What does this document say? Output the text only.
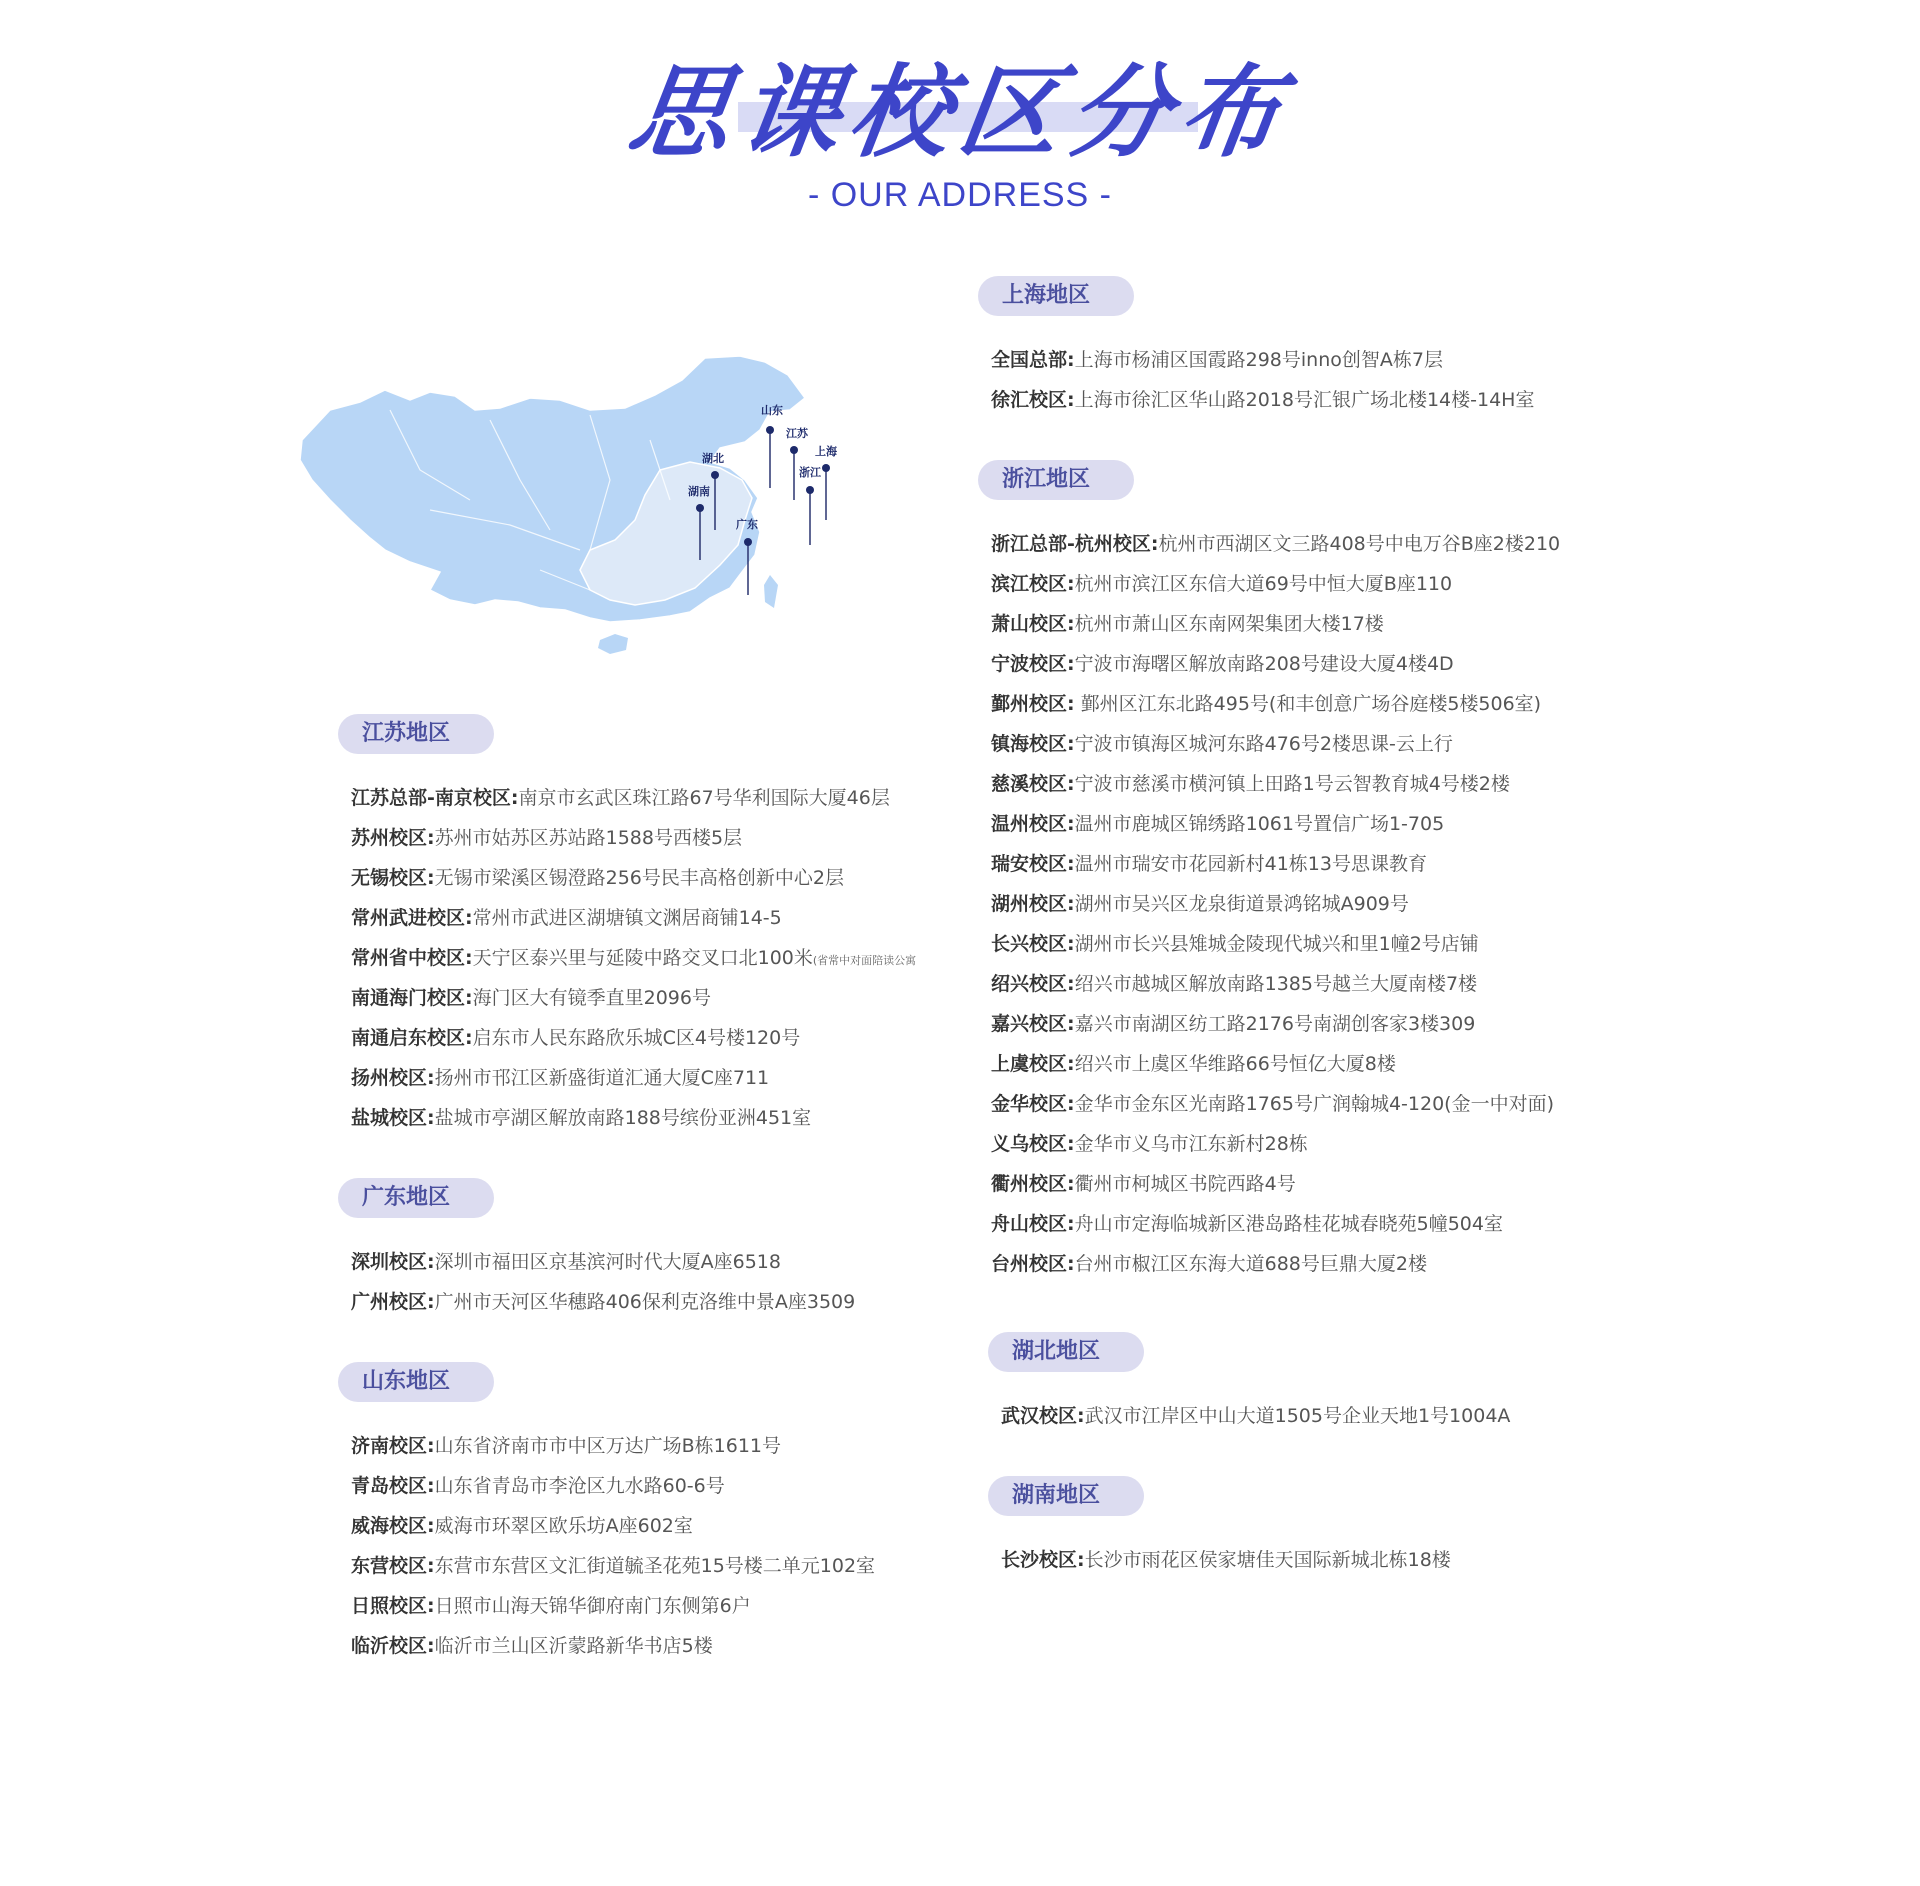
思课校区分布
- OUR ADDRESS -
山东
江苏
上海
湖北
浙江
湖南
广东
上海地区
全国总部:上海市杨浦区国霞路298号inno创智A栋7层
徐汇校区:上海市徐汇区华山路2018号汇银广场北楼14楼-14H室
浙江地区
浙江总部-杭州校区:杭州市西湖区文三路408号中电万谷B座2楼210
滨江校区:杭州市滨江区东信大道69号中恒大厦B座110
萧山校区:杭州市萧山区东南网架集团大楼17楼
宁波校区:宁波市海曙区解放南路208号建设大厦4楼4D
鄞州校区: 鄞州区江东北路495号(和丰创意广场谷庭楼5楼506室)
镇海校区:宁波市镇海区城河东路476号2楼思课-云上行
慈溪校区:宁波市慈溪市横河镇上田路1号云智教育城4号楼2楼
温州校区:温州市鹿城区锦绣路1061号置信广场1-705
瑞安校区:温州市瑞安市花园新村41栋13号思课教育
湖州校区:湖州市吴兴区龙泉街道景鸿铭城A909号
长兴校区:湖州市长兴县雉城金陵现代城兴和里1幢2号店铺
绍兴校区:绍兴市越城区解放南路1385号越兰大厦南楼7楼
嘉兴校区:嘉兴市南湖区纺工路2176号南湖创客家3楼309
上虞校区:绍兴市上虞区华维路66号恒亿大厦8楼
金华校区:金华市金东区光南路1765号广润翰城4-120(金一中对面)
义乌校区:金华市义乌市江东新村28栋
衢州校区:衢州市柯城区书院西路4号
舟山校区:舟山市定海临城新区港岛路桂花城春晓苑5幢504室
台州校区:台州市椒江区东海大道688号巨鼎大厦2楼
江苏地区
江苏总部-南京校区:南京市玄武区珠江路67号华利国际大厦46层
苏州校区:苏州市姑苏区苏站路1588号西楼5层
无锡校区:无锡市梁溪区锡澄路256号民丰高格创新中心2层
常州武进校区:常州市武进区湖塘镇文渊居商铺14-5
常州省中校区:天宁区泰兴里与延陵中路交叉口北100米(省常中对面陪读公寓
南通海门校区:海门区大有镜季直里2096号
南通启东校区:启东市人民东路欣乐城C区4号楼120号
扬州校区:扬州市邗江区新盛街道汇通大厦C座711
盐城校区:盐城市亭湖区解放南路188号缤份亚洲451室
广东地区
深圳校区:深圳市福田区京基滨河时代大厦A座6518
广州校区:广州市天河区华穗路406保利克洛维中景A座3509
山东地区
济南校区:山东省济南市市中区万达广场B栋1611号
青岛校区:山东省青岛市李沧区九水路60-6号
威海校区:威海市环翠区欧乐坊A座602室
东营校区:东营市东营区文汇街道毓圣花苑15号楼二单元102室
日照校区:日照市山海天锦华御府南门东侧第6户
临沂校区:临沂市兰山区沂蒙路新华书店5楼
湖北地区
武汉校区:武汉市江岸区中山大道1505号企业天地1号1004A
湖南地区
长沙校区:长沙市雨花区侯家塘佳天国际新城北栋18楼
